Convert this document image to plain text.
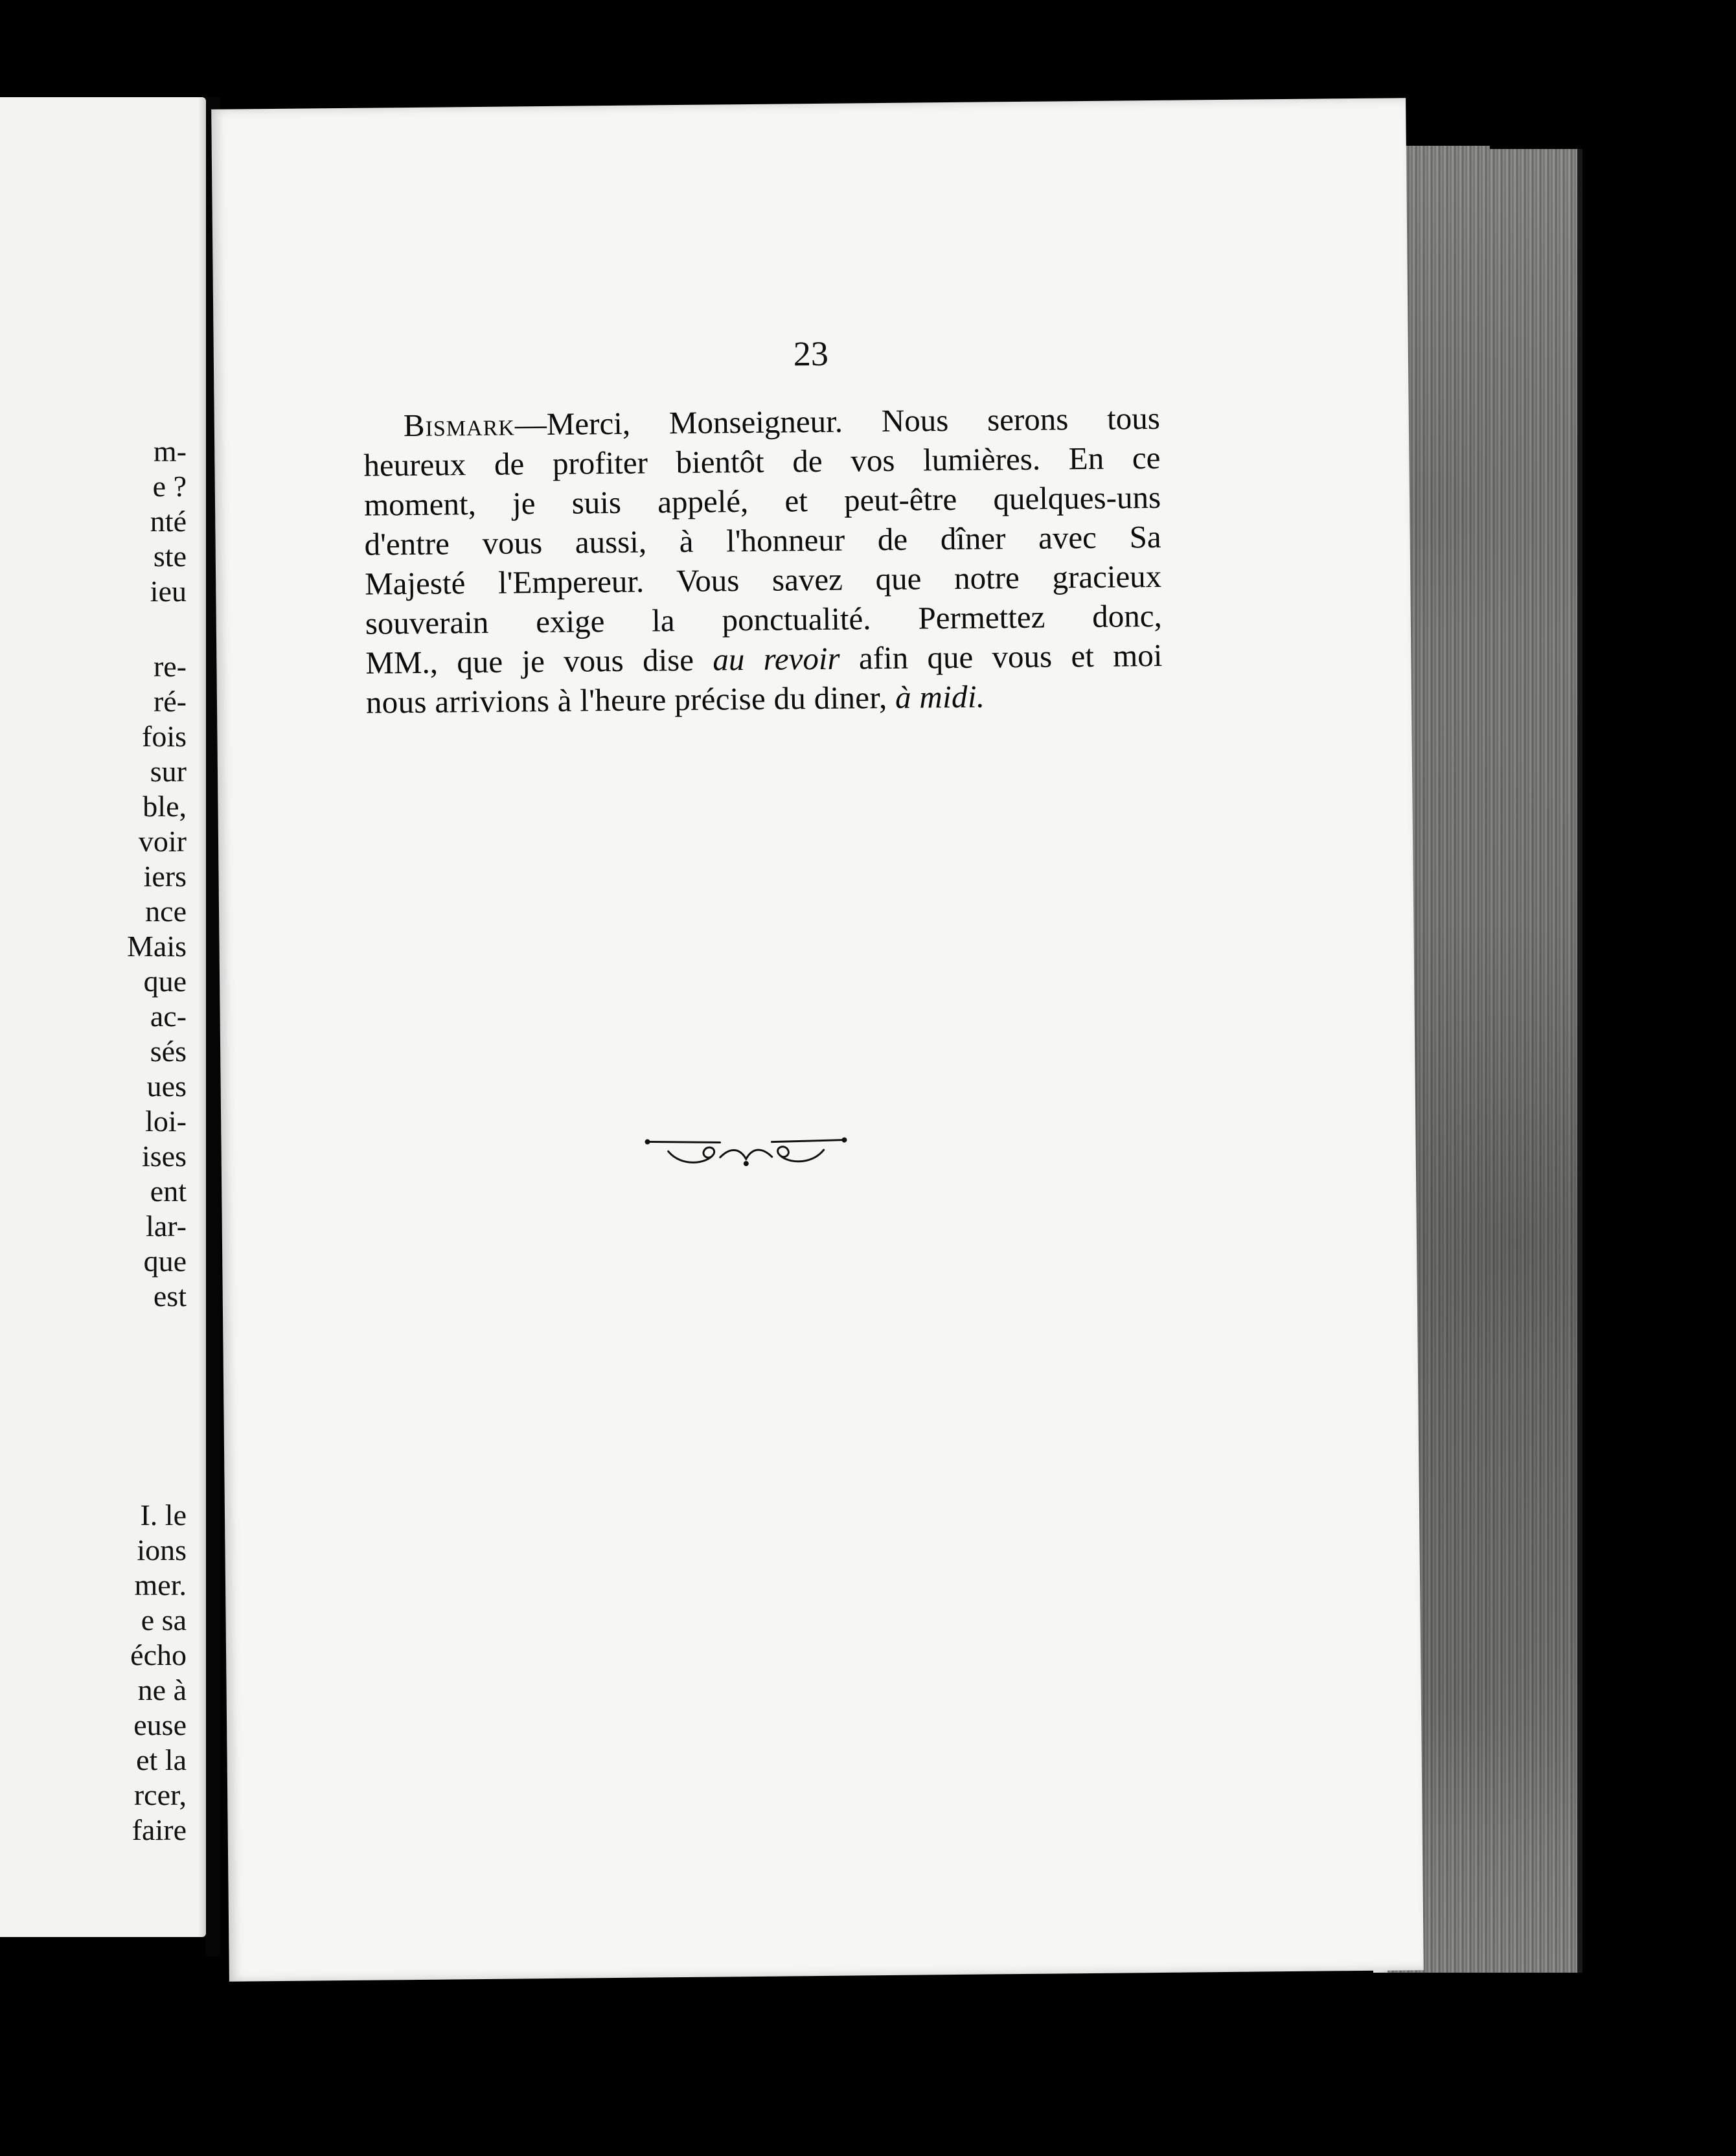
m-
e ?
nté
ste
ieu
re-
ré-
fois
sur
ble,
voir
iers
nce
Mais
que
ac-
sés
ues
loi-
ises
ent
lar-
que
est
I. le
ions
mer.
e sa
écho
ne à
euse
et la
rcer,
faire
23
Bismark—Merci, Monseigneur. Nous serons tous
heureux de profiter bientôt de vos lumières. En ce
moment, je suis appelé, et peut-être quelques-uns
d'entre vous aussi, à l'honneur de dîner avec Sa
Majesté l'Empereur. Vous savez que notre gracieux
souverain exige la ponctualité. Permettez donc,
MM., que je vous dise au revoir afin que vous et moi
nous arrivions à l'heure précise du diner, à midi.
